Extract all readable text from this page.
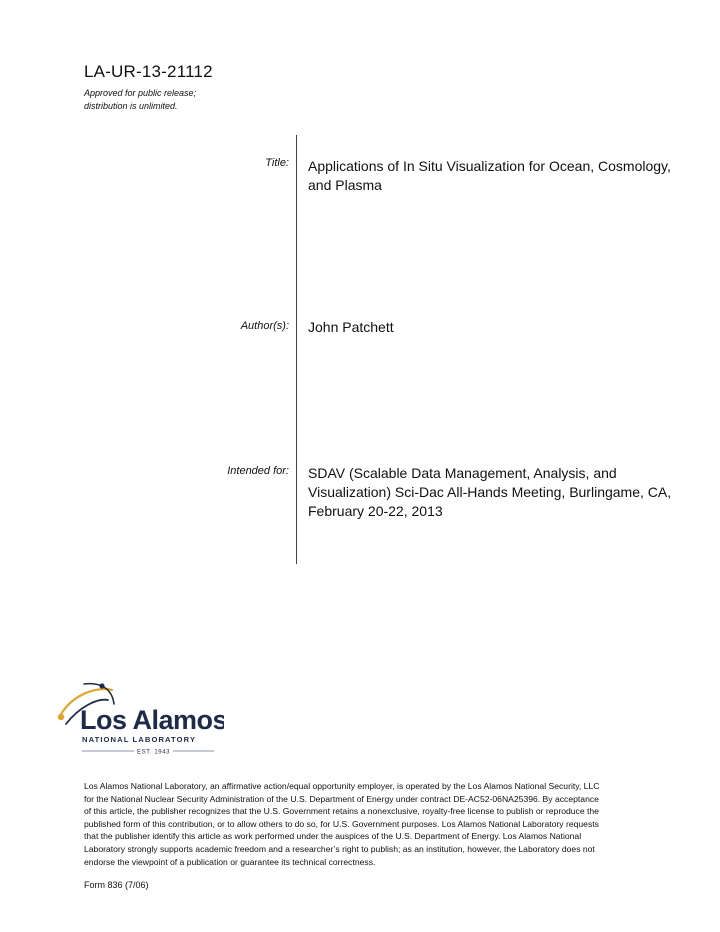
LA-UR-13-21112
Approved for public release;
distribution is unlimited.
Title: Applications of In Situ Visualization for Ocean, Cosmology,
and Plasma
Author(s): John Patchett
Intended for: SDAV (Scalable Data Management, Analysis, and
Visualization) Sci-Dac All-Hands Meeting, Burlingame, CA,
February 20-22, 2013
Los Alamos
NATIONAL LABORATORY
EST. 1943
Los Alamos National Laboratory, an affirmative action/equal opportunity employer, is operated by the Los Alamos National Security, LLC
for the National Nuclear Security Administration of the U.S. Department of Energy under contract DE-AC52-06NA25396. By acceptance
of this article, the publisher recognizes that the U.S. Government retains a nonexclusive, royalty-free license to publish or reproduce the
published form of this contribution, or to allow others to do so, for U.S. Government purposes. Los Alamos National Laboratory requests
that the publisher identify this article as work performed under the auspices of the U.S. Department of Energy. Los Alamos National
Laboratory strongly supports academic freedom and a researcher’s right to publish; as an institution, however, the Laboratory does not
endorse the viewpoint of a publication or guarantee its technical correctness.
Form 836 (7/06)
